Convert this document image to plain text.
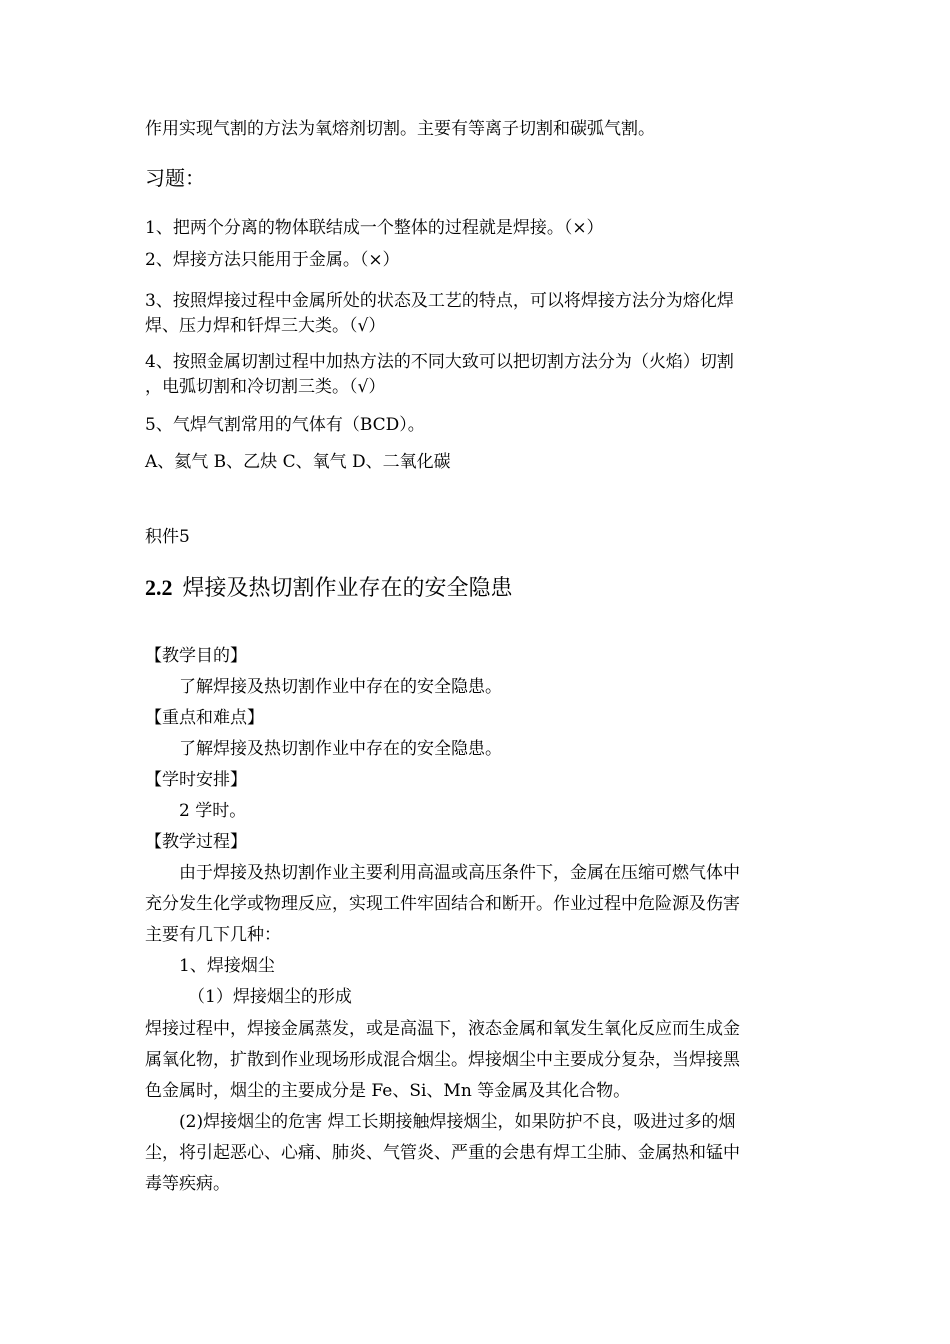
作用实现气割的方法为氧熔剂切割。主要有等离子切割和碳弧气割。
习题：
1、把两个分离的物体联结成一个整体的过程就是焊接。（×）
2、焊接方法只能用于金属。（×）
3、按照焊接过程中金属所处的状态及工艺的特点，可以将焊接方法分为熔化焊
焊、压力焊和钎焊三大类。（√）
4、按照金属切割过程中加热方法的不同大致可以把切割方法分为（火焰）切割
，电弧切割和冷切割三类。（√）
5、气焊气割常用的气体有（BCD）。
A、氦气 B、乙炔 C、氧气 D、二氧化碳
积件5
2.2 焊接及热切割作业存在的安全隐患
【教学目的】
了解焊接及热切割作业中存在的安全隐患。
【重点和难点】
了解焊接及热切割作业中存在的安全隐患。
【学时安排】
2 学时。
【教学过程】
由于焊接及热切割作业主要利用高温或高压条件下，金属在压缩可燃气体中
充分发生化学或物理反应，实现工件牢固结合和断开。作业过程中危险源及伤害
主要有几下几种：
1、焊接烟尘
（1）焊接烟尘的形成
焊接过程中，焊接金属蒸发，或是高温下，液态金属和氧发生氧化反应而生成金
属氧化物，扩散到作业现场形成混合烟尘。焊接烟尘中主要成分复杂，当焊接黑
色金属时，烟尘的主要成分是 Fe、Si、Mn 等金属及其化合物。
(2)焊接烟尘的危害 焊工长期接触焊接烟尘，如果防护不良，吸进过多的烟
尘，将引起恶心、心痛、肺炎、气管炎、严重的会患有焊工尘肺、金属热和锰中
毒等疾病。
